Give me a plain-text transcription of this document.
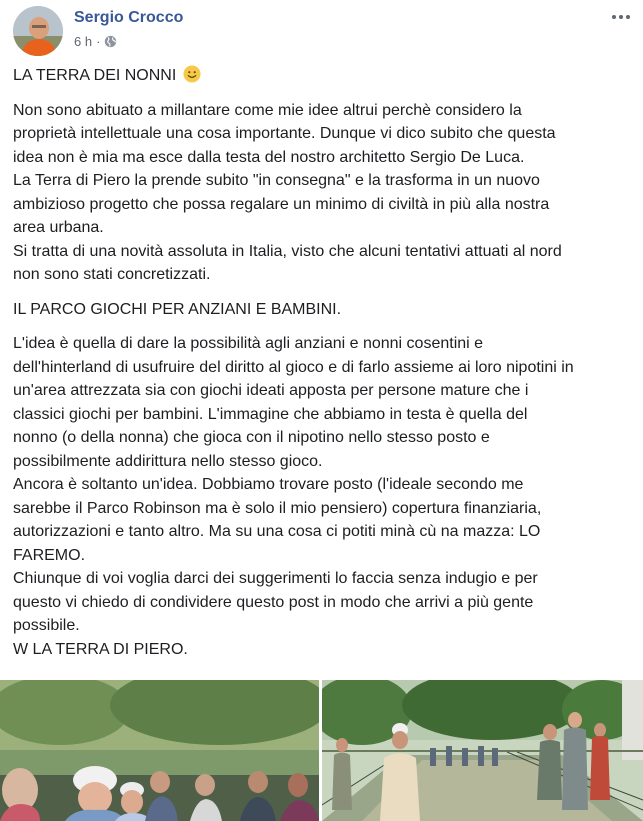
Sergio Crocco
6 h ·

LA TERRA DEI NONNI

Non sono abituato a millantare come mie idee altrui perchè considero la
proprietà intellettuale una cosa importante. Dunque vi dico subito che questa
idea non è mia ma esce dalla testa del nostro architetto Sergio De Luca.
La Terra di Piero la prende subito "in consegna" e la trasforma in un nuovo
ambizioso progetto che possa regalare un minimo di civiltà in più alla nostra
area urbana.
Si tratta di una novità assoluta in Italia, visto che alcuni tentativi attuati al nord
non sono stati concretizzati.

IL PARCO GIOCHI PER ANZIANI E BAMBINI.

L'idea è quella di dare la possibilità agli anziani e nonni cosentini e
dell'hinterland di usufruire del diritto al gioco e di farlo assieme ai loro nipotini in
un'area attrezzata sia con giochi ideati apposta per persone mature che i
classici giochi per bambini. L'immagine che abbiamo in testa è quella del
nonno (o della nonna) che gioca con il nipotino nello stesso posto e
possibilmente addirittura nello stesso gioco.
Ancora è soltanto un'idea. Dobbiamo trovare posto (l'ideale secondo me
sarebbe il Parco Robinson ma è solo il mio pensiero) copertura finanziaria,
autorizzazioni e tanto altro. Ma su una cosa ci potiti minà cù na mazza: LO
FAREMO.
Chiunque di voi voglia darci dei suggerimenti lo faccia senza indugio e per
questo vi chiedo di condividere questo post in modo che arrivi a più gente
possibile.
W LA TERRA DI PIERO.
